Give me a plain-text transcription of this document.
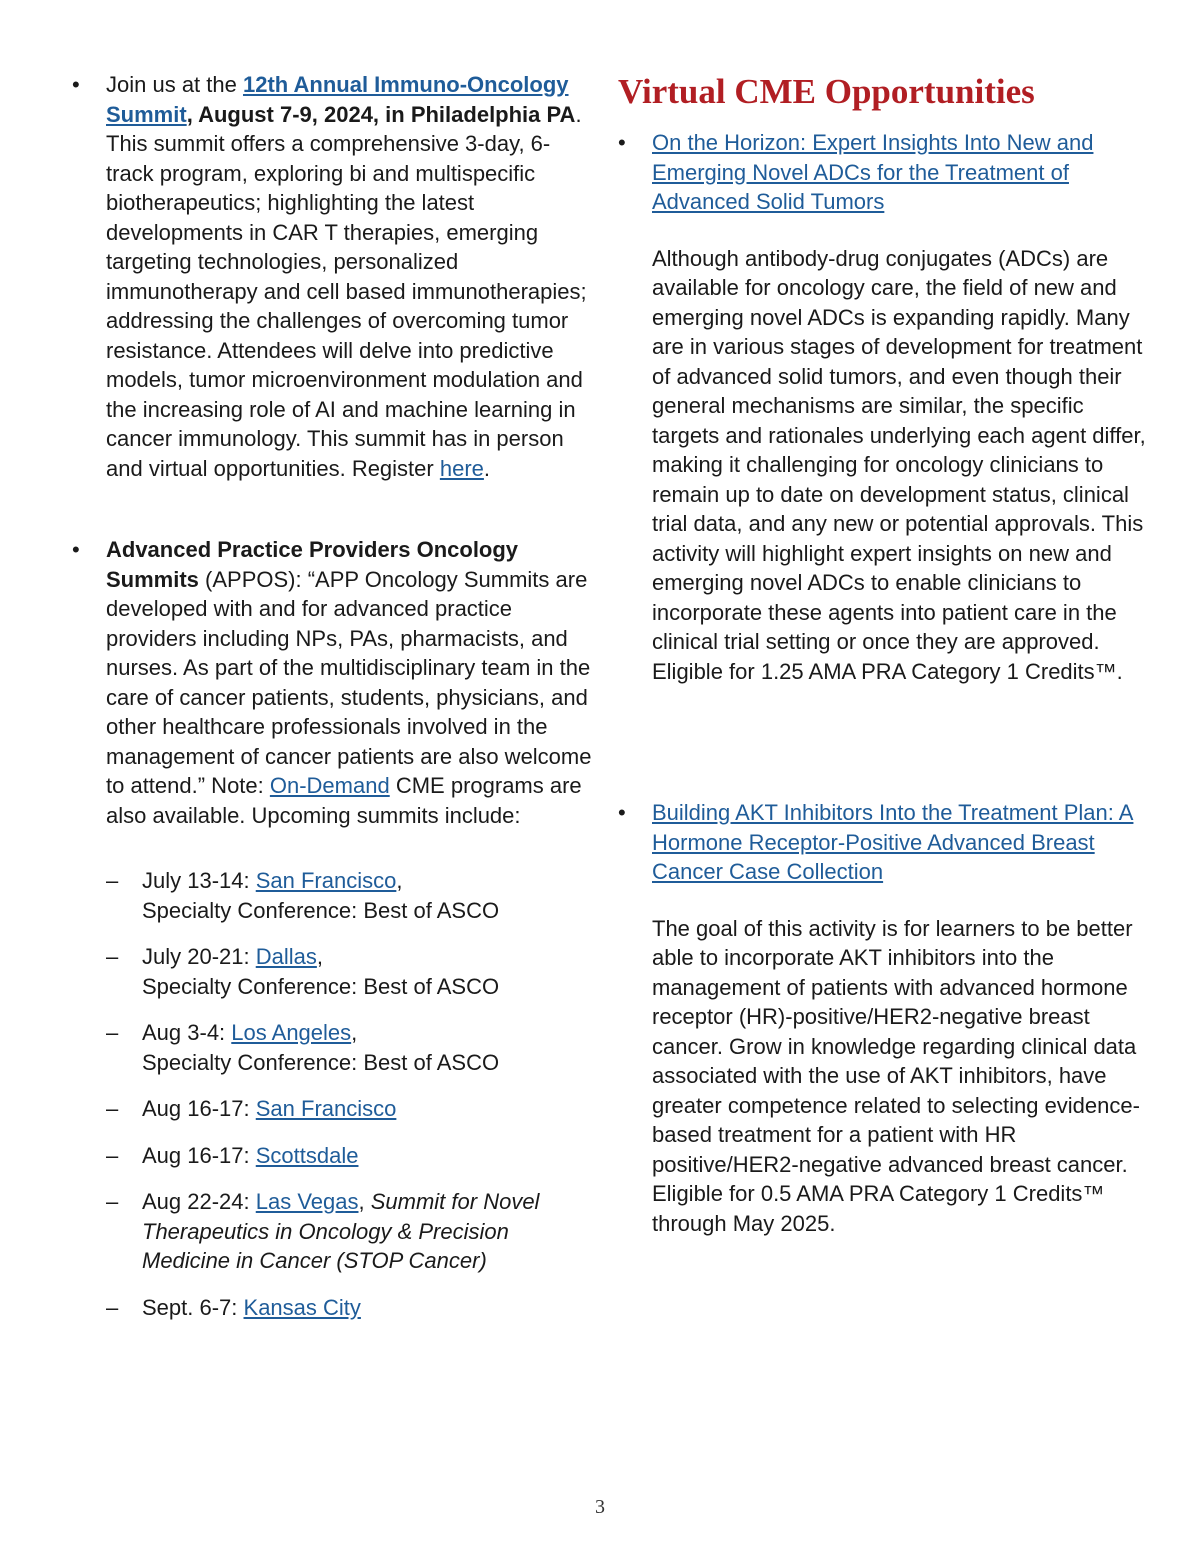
• Join us at the 12th Annual Immuno-Oncology Summit, August 7-9, 2024, in Philadelphia PA. This summit offers a comprehensive 3-day, 6-track program, exploring bi and multispecific biotherapeutics; highlighting the latest developments in CAR T therapies, emerging targeting technologies, personalized immunotherapy and cell based immunotherapies; addressing the challenges of overcoming tumor resistance. Attendees will delve into predictive models, tumor microenvironment modulation and the increasing role of AI and machine learning in cancer immunology. This summit has in person and virtual opportunities. Register here.
• Advanced Practice Providers Oncology Summits (APPOS): “APP Oncology Summits are developed with and for advanced practice providers including NPs, PAs, pharmacists, and nurses. As part of the multidisciplinary team in the care of cancer patients, students, physicians, and other healthcare professionals involved in the management of cancer patients are also welcome to attend.” Note: On-Demand CME programs are also available. Upcoming summits include:
– July 13-14: San Francisco,
Specialty Conference: Best of ASCO
– July 20-21: Dallas,
Specialty Conference: Best of ASCO
– Aug 3-4: Los Angeles,
Specialty Conference: Best of ASCO
– Aug 16-17: San Francisco
– Aug 16-17: Scottsdale
– Aug 22-24: Las Vegas, Summit for Novel Therapeutics in Oncology & Precision Medicine in Cancer (STOP Cancer)
– Sept. 6-7: Kansas City
Virtual CME Opportunities
• On the Horizon: Expert Insights Into New and Emerging Novel ADCs for the Treatment of Advanced Solid Tumors
Although antibody-drug conjugates (ADCs) are available for oncology care, the field of new and emerging novel ADCs is expanding rapidly. Many are in various stages of development for treatment of advanced solid tumors, and even though their general mechanisms are similar, the specific targets and rationales underlying each agent differ, making it challenging for oncology clinicians to remain up to date on development status, clinical trial data, and any new or potential approvals. This activity will highlight expert insights on new and emerging novel ADCs to enable clinicians to incorporate these agents into patient care in the clinical trial setting or once they are approved. Eligible for 1.25 AMA PRA Category 1 Credits™.
• Building AKT Inhibitors Into the Treatment Plan: A Hormone Receptor-Positive Advanced Breast Cancer Case Collection
The goal of this activity is for learners to be better able to incorporate AKT inhibitors into the management of patients with advanced hormone receptor (HR)-positive/HER2-negative breast cancer. Grow in knowledge regarding clinical data associated with the use of AKT inhibitors, have greater competence related to selecting evidence-based treatment for a patient with HR positive/HER2-negative advanced breast cancer. Eligible for 0.5 AMA PRA Category 1 Credits™ through May 2025.
3
